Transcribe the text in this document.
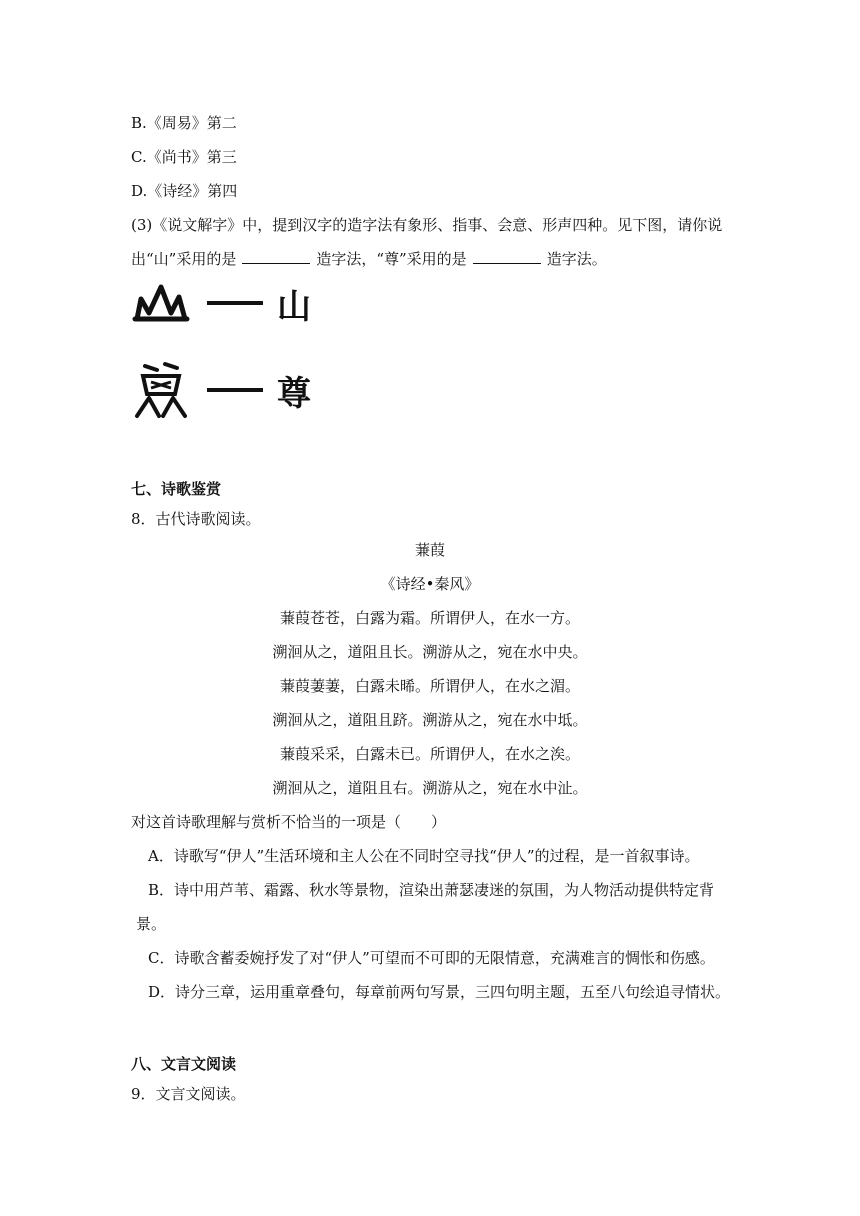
B.《周易》第二
C.《尚书》第三
D.《诗经》第四
(3)《说文解字》中，提到汉字的造字法有象形、指事、会意、形声四种。见下图，请你说
出“山”采用的是	造字法，“尊”采用的是	造字法。
山
尊
七、诗歌鉴赏
8．古代诗歌阅读。
蒹葭
《诗经•秦风》
蒹葭苍苍，白露为霜。所谓伊人，在水一方。
溯洄从之，道阻且长。溯游从之，宛在水中央。
蒹葭萋萋，白露未晞。所谓伊人，在水之湄。
溯洄从之，道阻且跻。溯游从之，宛在水中坻。
蒹葭采采，白露未已。所谓伊人，在水之涘。
溯洄从之，道阻且右。溯游从之，宛在水中沚。
对这首诗歌理解与赏析不恰当的一项是（　　）
A．诗歌写“伊人”生活环境和主人公在不同时空寻找“伊人”的过程，是一首叙事诗。
B．诗中用芦苇、霜露、秋水等景物，渲染出萧瑟凄迷的氛围，为人物活动提供特定背
景。
C．诗歌含蓄委婉抒发了对“伊人”可望而不可即的无限情意，充满难言的惆怅和伤感。
D．诗分三章，运用重章叠句，每章前两句写景，三四句明主题，五至八句绘追寻情状。
八、文言文阅读
9．文言文阅读。
